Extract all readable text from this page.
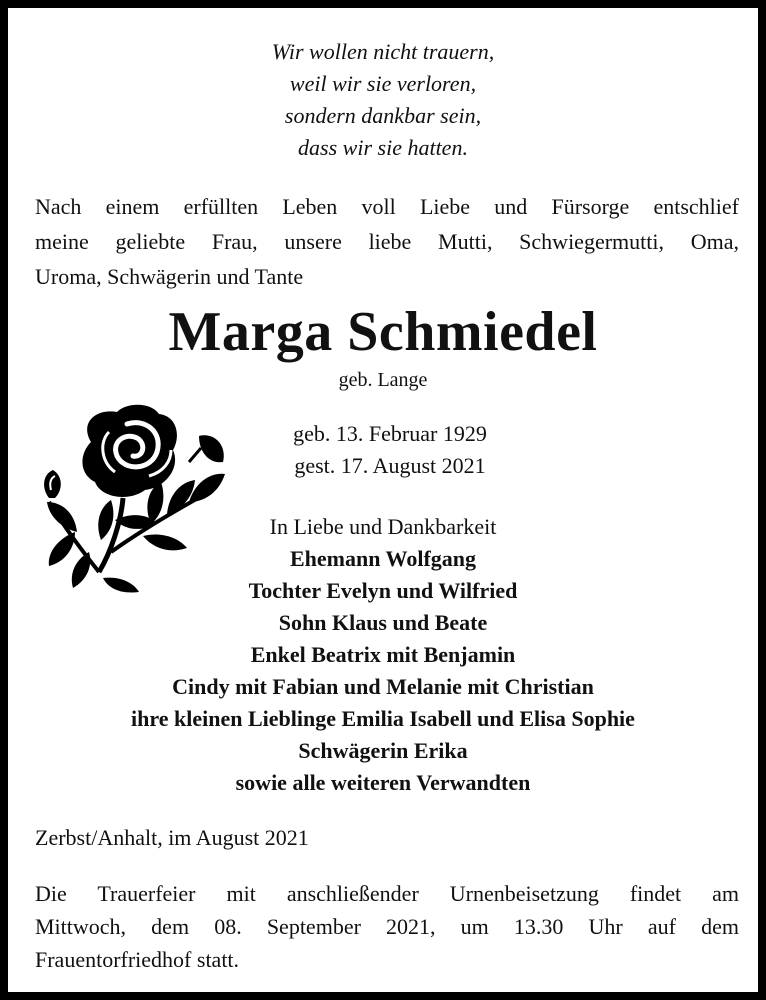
Wir wollen nicht trauern,
weil wir sie verloren,
sondern dankbar sein,
dass wir sie hatten.
Nach einem erfüllten Leben voll Liebe und Fürsorge entschlief
meine geliebte Frau, unsere liebe Mutti, Schwiegermutti, Oma,
Uroma, Schwägerin und Tante
Marga Schmiedel
geb. Lange
geb. 13. Februar 1929
gest. 17. August 2021
In Liebe und Dankbarkeit
Ehemann Wolfgang
Tochter Evelyn und Wilfried
Sohn Klaus und Beate
Enkel Beatrix mit Benjamin
Cindy mit Fabian und Melanie mit Christian
ihre kleinen Lieblinge Emilia Isabell und Elisa Sophie
Schwägerin Erika
sowie alle weiteren Verwandten
Zerbst/Anhalt, im August 2021
Die Trauerfeier mit anschließender Urnenbeisetzung findet am
Mittwoch, dem 08. September 2021, um 13.30 Uhr auf dem
Frauentorfriedhof statt.
